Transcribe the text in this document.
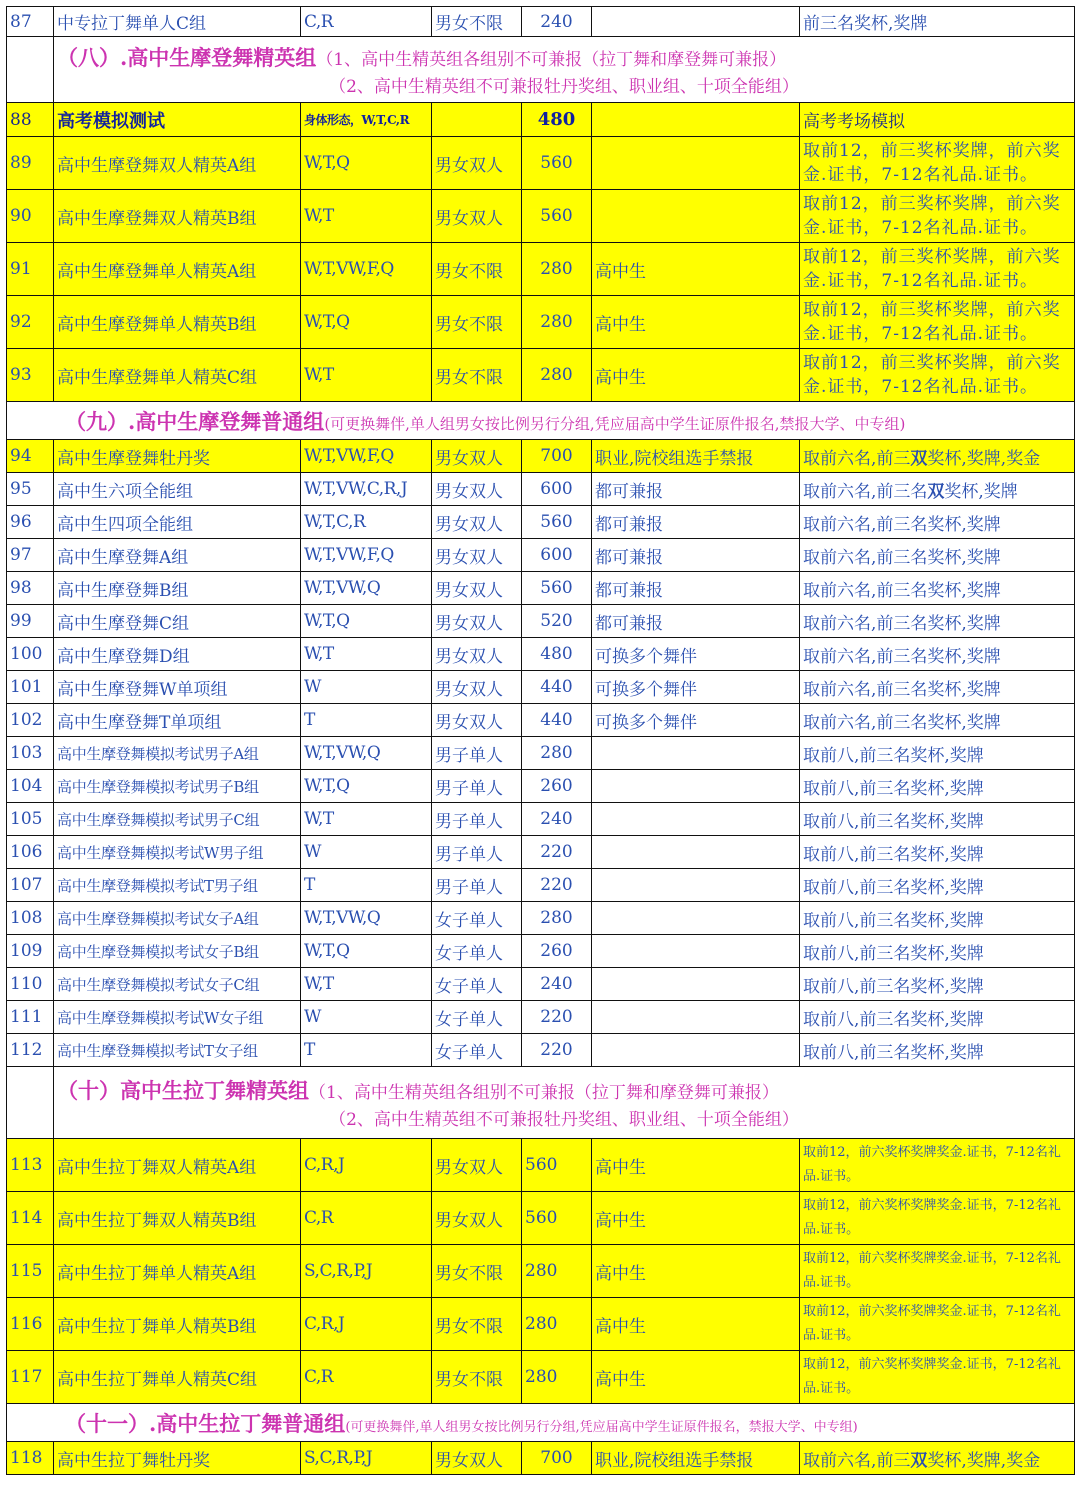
87	中专拉丁舞单人C组	C,R	男女不限	240		前三名奖杯,奖牌
	（八）.高中生摩登舞精英组（1、高中生精英组各组别不可兼报（拉丁舞和摩登舞可兼报）
（2、高中生精英组不可兼报牡丹奖组、职业组、十项全能组）					

88	高考模拟测试	身体形态，W,T,C,R		480		高考考场模拟
89	高中生摩登舞双人精英A组	W,T,Q	男女双人	560		取前12，前三奖杯奖牌，前六奖金.证书，7-12名礼品.证书。
90	高中生摩登舞双人精英B组	W,T	男女双人	560		取前12，前三奖杯奖牌，前六奖金.证书，7-12名礼品.证书。
91	高中生摩登舞单人精英A组	W,T,VW,F,Q	男女不限	280	高中生	取前12，前三奖杯奖牌，前六奖金.证书，7-12名礼品.证书。
92	高中生摩登舞单人精英B组	W,T,Q	男女不限	280	高中生	取前12，前三奖杯奖牌，前六奖金.证书，7-12名礼品.证书。
93	高中生摩登舞单人精英C组	W,T	男女不限	280	高中生	取前12，前三奖杯奖牌，前六奖金.证书，7-12名礼品.证书。
（九）.高中生摩登舞普通组(可更换舞伴,单人组男女按比例另行分组,凭应届高中学生证原件报名,禁报大学、中专组)						
94	高中生摩登舞牡丹奖	W,T,VW,F,Q	男女双人	700	职业,院校组选手禁报	取前六名,前三双奖杯,奖牌,奖金
95	高中生六项全能组	W,T,VW,C,R,J	男女双人	600	都可兼报	取前六名,前三名双奖杯,奖牌
96	高中生四项全能组	W,T,C,R	男女双人	560	都可兼报	取前六名,前三名奖杯,奖牌
97	高中生摩登舞A组	W,T,VW,F,Q	男女双人	600	都可兼报	取前六名,前三名奖杯,奖牌
98	高中生摩登舞B组	W,T,VW,Q	男女双人	560	都可兼报	取前六名,前三名奖杯,奖牌
99	高中生摩登舞C组	W,T,Q	男女双人	520	都可兼报	取前六名,前三名奖杯,奖牌
100	高中生摩登舞D组	W,T	男女双人	480	可换多个舞伴	取前六名,前三名奖杯,奖牌
101	高中生摩登舞W单项组	W	男女双人	440	可换多个舞伴	取前六名,前三名奖杯,奖牌
102	高中生摩登舞T单项组	T	男女双人	440	可换多个舞伴	取前六名,前三名奖杯,奖牌
103	高中生摩登舞模拟考试男子A组	W,T,VW,Q	男子单人	280		取前八,前三名奖杯,奖牌
104	高中生摩登舞模拟考试男子B组	W,T,Q	男子单人	260		取前八,前三名奖杯,奖牌
105	高中生摩登舞模拟考试男子C组	W,T	男子单人	240		取前八,前三名奖杯,奖牌
106	高中生摩登舞模拟考试W男子组	W	男子单人	220		取前八,前三名奖杯,奖牌
107	高中生摩登舞模拟考试T男子组	T	男子单人	220		取前八,前三名奖杯,奖牌
108	高中生摩登舞模拟考试女子A组	W,T,VW,Q	女子单人	280		取前八,前三名奖杯,奖牌
109	高中生摩登舞模拟考试女子B组	W,T,Q	女子单人	260		取前八,前三名奖杯,奖牌
110	高中生摩登舞模拟考试女子C组	W,T	女子单人	240		取前八,前三名奖杯,奖牌
111	高中生摩登舞模拟考试W女子组	W	女子单人	220		取前八,前三名奖杯,奖牌
112	高中生摩登舞模拟考试T女子组	T	女子单人	220		取前八,前三名奖杯,奖牌
	（十）高中生拉丁舞精英组（1、高中生精英组各组别不可兼报（拉丁舞和摩登舞可兼报）
（2、高中生精英组不可兼报牡丹奖组、职业组、十项全能组）					

113	高中生拉丁舞双人精英A组	C,R,J	男女双人	560	高中生	取前12，前六奖杯奖牌奖金.证书，7-12名礼品.证书。
114	高中生拉丁舞双人精英B组	C,R	男女双人	560	高中生	取前12，前六奖杯奖牌奖金.证书，7-12名礼品.证书。
115	高中生拉丁舞单人精英A组	S,C,R,P,J	男女不限	280	高中生	取前12，前六奖杯奖牌奖金.证书，7-12名礼品.证书。
116	高中生拉丁舞单人精英B组	C,R,J	男女不限	280	高中生	取前12，前六奖杯奖牌奖金.证书，7-12名礼品.证书。
117	高中生拉丁舞单人精英C组	C,R	男女不限	280	高中生	取前12，前六奖杯奖牌奖金.证书，7-12名礼品.证书。
（十一）.高中生拉丁舞普通组(可更换舞伴,单人组男女按比例另行分组,凭应届高中学生证原件报名，禁报大学、中专组)						
118	高中生拉丁舞牡丹奖	S,C,R,P,J	男女双人	700	职业,院校组选手禁报	取前六名,前三双奖杯,奖牌,奖金
